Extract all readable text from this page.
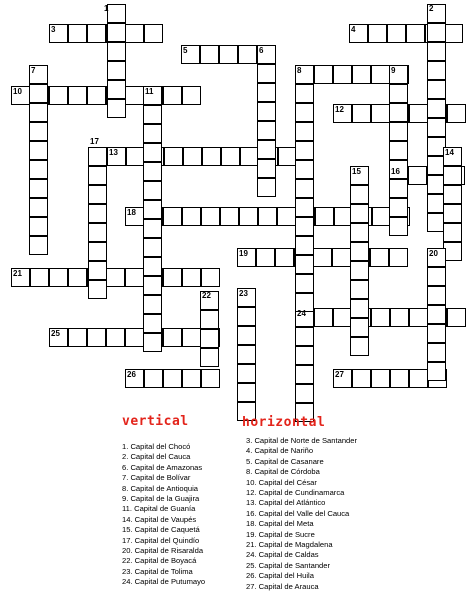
1	2
3	4
5	6
7	8	9
10	11
12
13	14
15	16
17
18
19	20
21
22	23
24
25
26	27
vertical
1. Capital del Chocó
2. Capital del Cauca
6. Capital de Amazonas
7. Capital de Bolívar
8. Capital de Antioquia
9. Capital de la Guajira
11. Capital de Guanía
14. Capital de Vaupés
15. Capital de Caquetá
17. Capital del Quindío
20. Capital de Risaralda
22. Capital de Boyacá
23. Capital de Tolima
24. Capital de Putumayo
horizontal
3. Capital de Norte de Santander
4. Capital de Nariño
5. Capital de Casanare
8. Capital de Córdoba
10. Capital del César
12. Capital de Cundinamarca
13. Capital del Atlántico
16. Capital del Valle del Cauca
18. Capital del Meta
19. Capital de Sucre
21. Capital de Magdalena
24. Capital de Caldas
25. Capital de Santander
26. Capital del Huila
27. Capital de Arauca
